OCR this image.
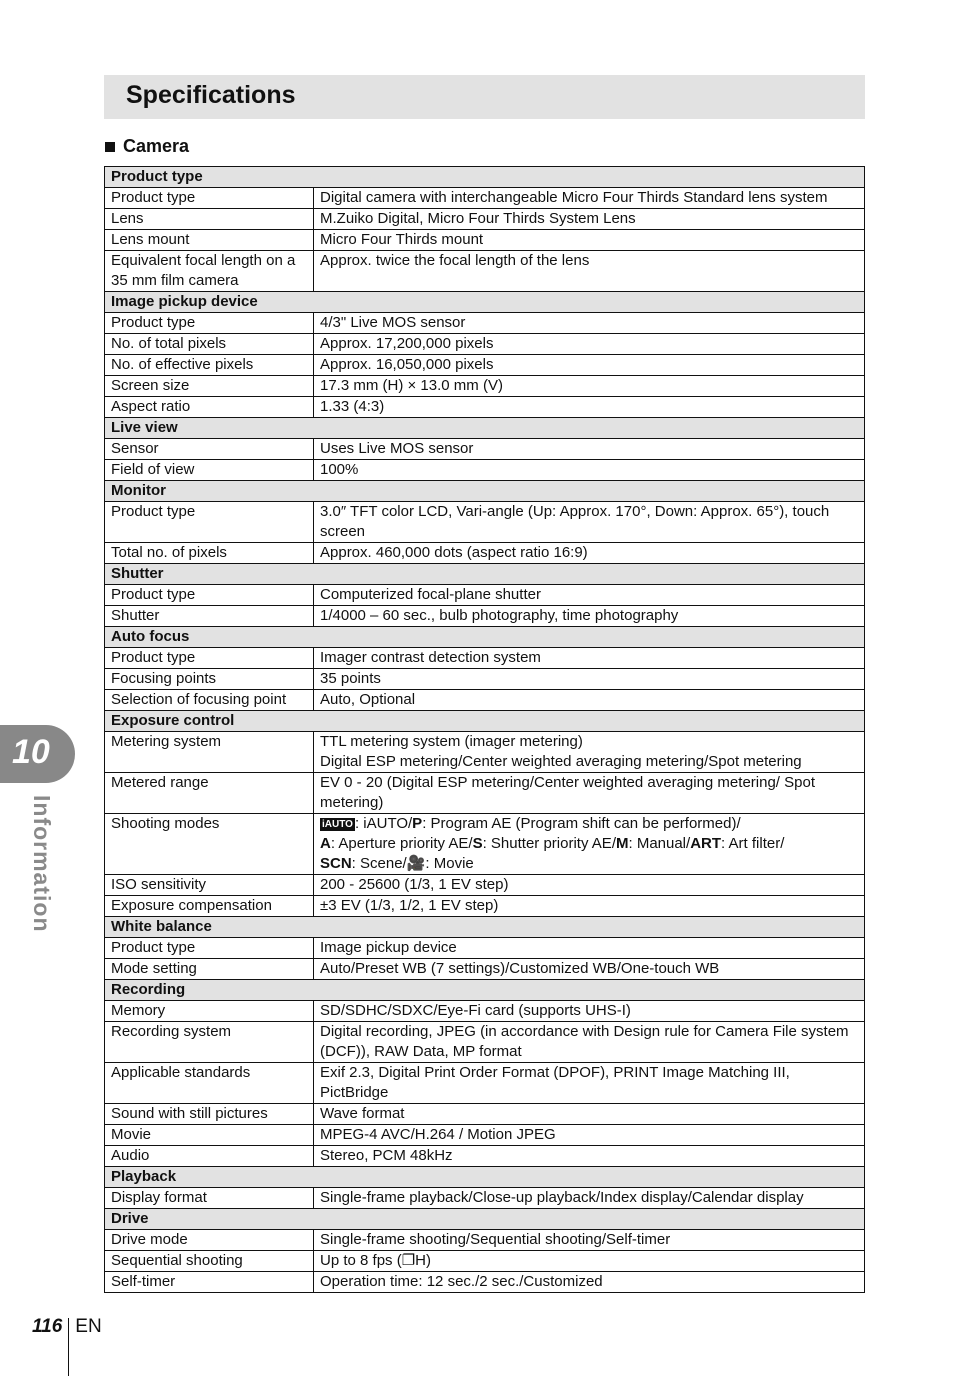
Specifications
Camera
Product type	
Product type	Digital camera with interchangeable Micro Four Thirds Standard lens system
Lens	M.Zuiko Digital, Micro Four Thirds System Lens
Lens mount	Micro Four Thirds mount
Equivalent focal length on a 35 mm film camera	Approx. twice the focal length of the lens
Image pickup device	
Product type	4/3" Live MOS sensor
No. of total pixels	Approx. 17,200,000 pixels
No. of effective pixels	Approx. 16,050,000 pixels
Screen size	17.3 mm (H) × 13.0 mm (V)
Aspect ratio	1.33 (4:3)
Live view	
Sensor	Uses Live MOS sensor
Field of view	100%
Monitor	
Product type	3.0″ TFT color LCD, Vari-angle (Up: Approx. 170°, Down: Approx. 65°), touch screen
Total no. of pixels	Approx. 460,000 dots (aspect ratio 16:9)
Shutter	
Product type	Computerized focal-plane shutter
Shutter	1/4000 – 60 sec., bulb photography, time photography
Auto focus	
Product type	Imager contrast detection system
Focusing points	35 points
Selection of focusing point	Auto, Optional
Exposure control	
Metering system	TTL metering system (imager metering)
Digital ESP metering/Center weighted averaging metering/Spot metering
Metered range	EV 0 - 20 (Digital ESP metering/Center weighted averaging metering/ Spot metering)
Shooting modes	iAUTO : iAUTO/P: Program AE (Program shift can be performed)/
A: Aperture priority AE/S: Shutter priority AE/M: Manual/ART: Art filter/
SCN: Scene/🎥: Movie
ISO sensitivity	200 - 25600 (1/3, 1 EV step)
Exposure compensation	±3 EV (1/3, 1/2, 1 EV step)
White balance	
Product type	Image pickup device
Mode setting	Auto/Preset WB (7 settings)/Customized WB/One-touch WB
Recording	
Memory	SD/SDHC/SDXC/Eye-Fi card (supports UHS-I)
Recording system	Digital recording, JPEG (in accordance with Design rule for Camera File system (DCF)), RAW Data, MP format
Applicable standards	Exif 2.3, Digital Print Order Format (DPOF), PRINT Image Matching III, PictBridge
Sound with still pictures	Wave format
Movie	MPEG-4 AVC/H.264 / Motion JPEG
Audio	Stereo, PCM 48kHz
Playback	
Display format	Single-frame playback/Close-up playback/Index display/Calendar display
Drive	
Drive mode	Single-frame shooting/Sequential shooting/Self-timer
Sequential shooting	Up to 8 fps (❐H)
Self-timer	Operation time: 12 sec./2 sec./Customized
10
Information
116 EN
